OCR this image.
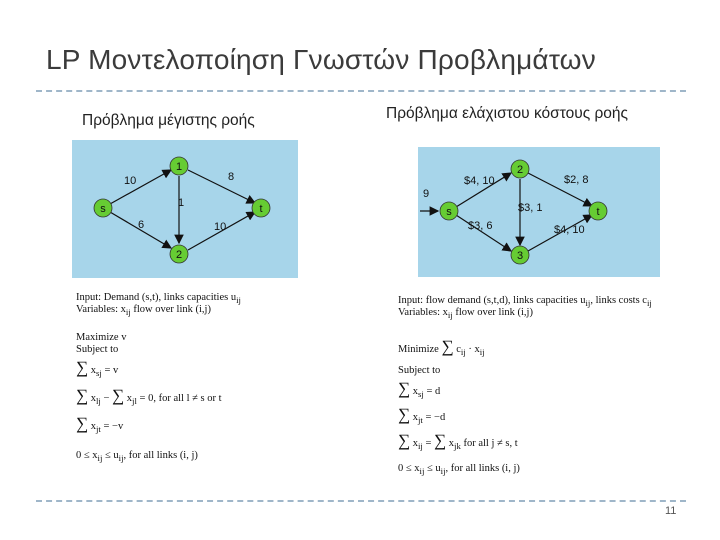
LP Μοντελοποίηση Γνωστών Προβλημάτων
Πρόβλημα μέγιστης ροής
10	8
1
6	10
s
1
2
t
Input: Demand (s,t), links capacities $u_{ij}$
Variables: $x_{ij}$ flow over link (i,j)
Maximize v
Subject to
∑ $x_{sj} = v$
∑ $x_{lj}$ − ∑ $x_{jl} = 0$, for all l ≠ s or t
∑ $x_{jt} = -v$
$0 \le x_{ij} \le u_{ij}$, for all links (i, j)
Πρόβλημα ελάχιστου κόστους ροής
9
$4, 10	$2, 8
$3, 1
$3, 6	$4, 10
s
2
3
t
Input: flow demand (s,t,d), links capacities $u_{ij}$, links costs $c_{ij}$
Variables: $x_{ij}$ flow over link (i,j)
Minimize ∑ $c_{ij} \cdot x_{ij}$
Subject to
∑ $x_{sj} = d$
∑ $x_{jt} = -d$
∑ $x_{ij}$ = ∑ $x_{jk}$ for all j ≠ s, t
$0 \le x_{ij} \le u_{ij}$, for all links (i, j)
11
